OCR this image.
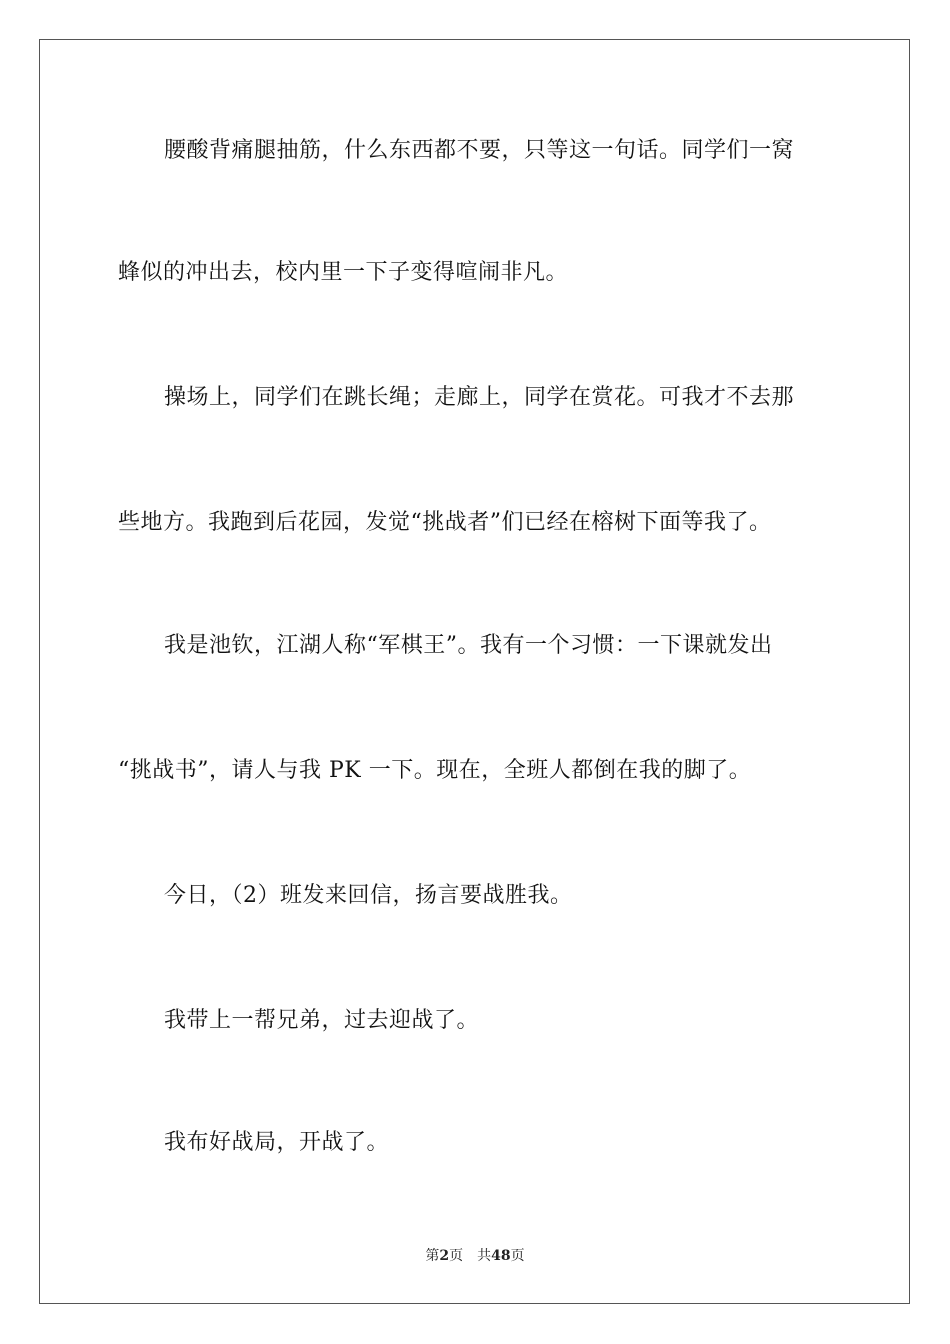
腰酸背痛腿抽筋，什么东西都不要，只等这一句话。同学们一窝
蜂似的冲出去，校内里一下子变得喧闹非凡。
操场上，同学们在跳长绳；走廊上，同学在赏花。可我才不去那
些地方。我跑到后花园，发觉“挑战者”们已经在榕树下面等我了。
我是池钦，江湖人称“军棋王”。我有一个习惯：一下课就发出
“挑战书”，请人与我 PK 一下。现在，全班人都倒在我的脚了。
今日，（2）班发来回信，扬言要战胜我。
我带上一帮兄弟，过去迎战了。
我布好战局，开战了。
第2页 共48页
